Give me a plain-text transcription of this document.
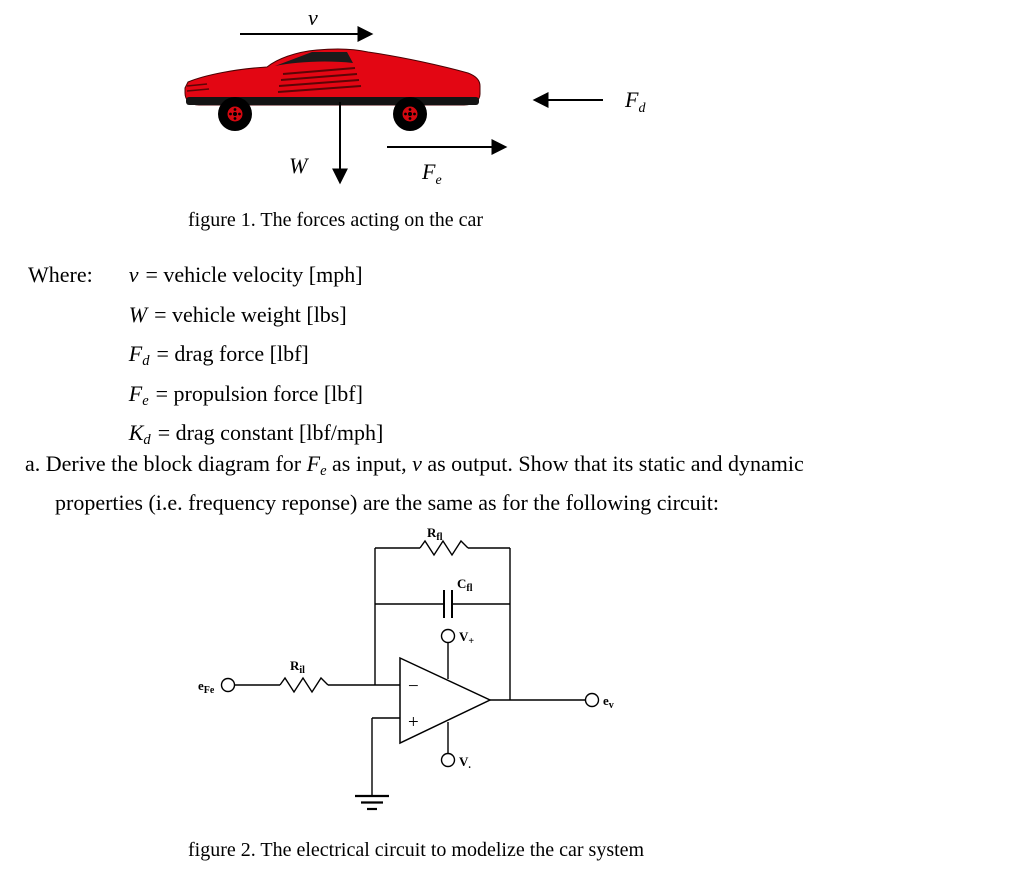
v
Fd
W	Fe
figure 1. The forces acting on the car
Where: v = vehicle velocity [mph]
W = vehicle weight [lbs]
$F_d$ = drag force [lbf]
$F_e$ = propulsion force [lbf]
$K_d$ = drag constant [lbf/mph]
a. Derive the block diagram for $F_e$ as input, v as output. Show that its static and dynamic
properties (i.e. frequency reponse) are the same as for the following circuit:
eFe
Ril
Rfl
Cfl
−
+
V+
V.
ev
figure 2. The electrical circuit to modelize the car system
